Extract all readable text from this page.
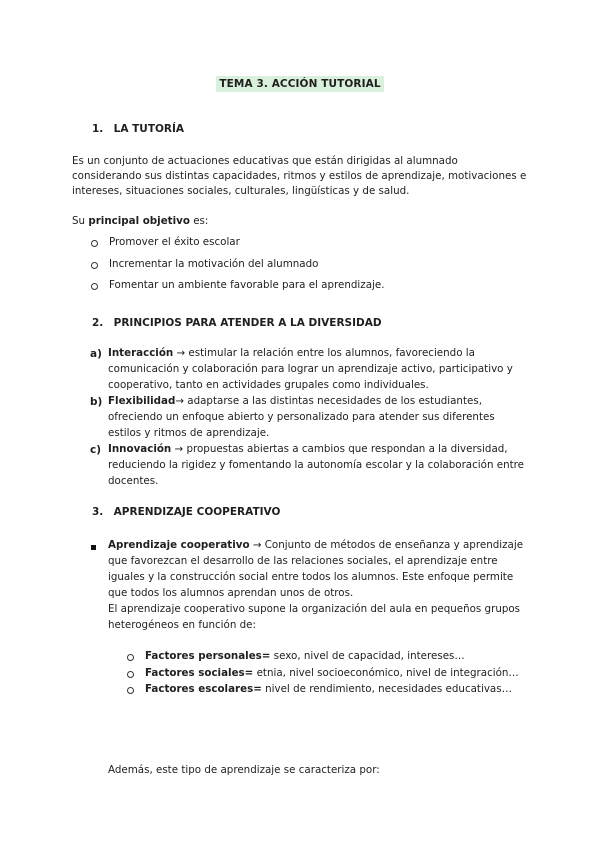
TEMA 3. ACCIÓN TUTORIAL
1. LA TUTORÍA
Es un conjunto de actuaciones educativas que están dirigidas al alumnado
considerando sus distintas capacidades, ritmos y estilos de aprendizaje, motivaciones e
intereses, situaciones sociales, culturales, lingüísticas y de salud.
Su principal objetivo es:
Promover el éxito escolar
Incrementar la motivación del alumnado
Fomentar un ambiente favorable para el aprendizaje.
2. PRINCIPIOS PARA ATENDER A LA DIVERSIDAD
a) Interacción → estimular la relación entre los alumnos, favoreciendo la
comunicación y colaboración para lograr un aprendizaje activo, participativo y
cooperativo, tanto en actividades grupales como individuales.
b) Flexibilidad→ adaptarse a las distintas necesidades de los estudiantes,
ofreciendo un enfoque abierto y personalizado para atender sus diferentes
estilos y ritmos de aprendizaje.
c) Innovación → propuestas abiertas a cambios que respondan a la diversidad,
reduciendo la rigidez y fomentando la autonomía escolar y la colaboración entre
docentes.
3. APRENDIZAJE COOPERATIVO
Aprendizaje cooperativo → Conjunto de métodos de enseñanza y aprendizaje
que favorezcan el desarrollo de las relaciones sociales, el aprendizaje entre
iguales y la construcción social entre todos los alumnos. Este enfoque permite
que todos los alumnos aprendan unos de otros.
El aprendizaje cooperativo supone la organización del aula en pequeños grupos
heterogéneos en función de:
Factores personales= sexo, nivel de capacidad, intereses…
Factores sociales= etnia, nivel socioeconómico, nivel de integración…
Factores escolares= nivel de rendimiento, necesidades educativas…
Además, este tipo de aprendizaje se caracteriza por:
